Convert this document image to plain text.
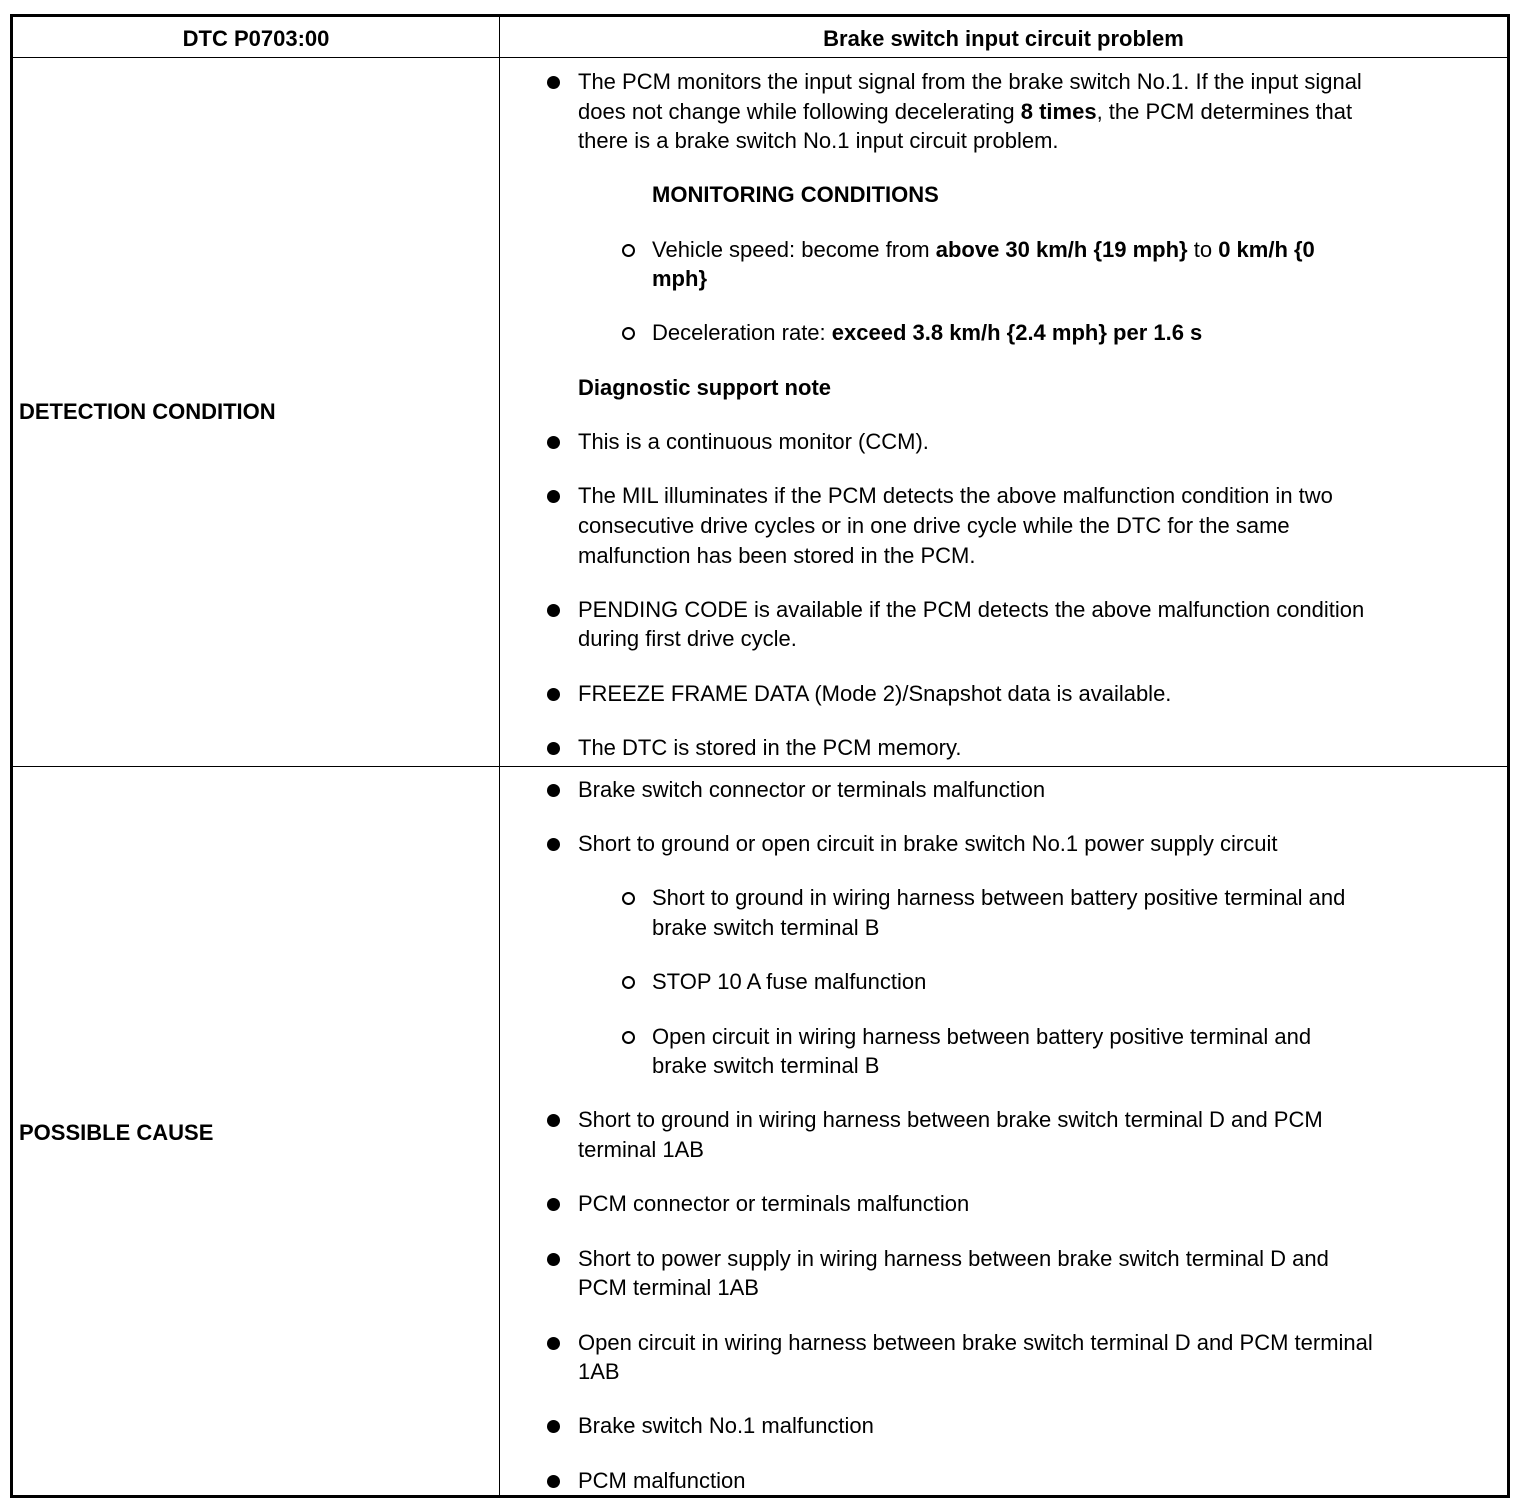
DTC P0703:00	Brake switch input circuit problem
DETECTION CONDITION
POSSIBLE CAUSE
The PCM monitors the input signal from the brake switch No.1. If the input signal
does not change while following decelerating 8 times, the PCM determines that
there is a brake switch No.1 input circuit problem.
MONITORING CONDITIONS
Vehicle speed: become from above 30 km/h {19 mph} to 0 km/h {0
mph}
Deceleration rate: exceed 3.8 km/h {2.4 mph} per 1.6 s
Diagnostic support note
This is a continuous monitor (CCM).
The MIL illuminates if the PCM detects the above malfunction condition in two
consecutive drive cycles or in one drive cycle while the DTC for the same
malfunction has been stored in the PCM.
PENDING CODE is available if the PCM detects the above malfunction condition
during first drive cycle.
FREEZE FRAME DATA (Mode 2)/Snapshot data is available.
The DTC is stored in the PCM memory.
Brake switch connector or terminals malfunction
Short to ground or open circuit in brake switch No.1 power supply circuit
Short to ground in wiring harness between battery positive terminal and
brake switch terminal B
STOP 10 A fuse malfunction
Open circuit in wiring harness between battery positive terminal and
brake switch terminal B
Short to ground in wiring harness between brake switch terminal D and PCM
terminal 1AB
PCM connector or terminals malfunction
Short to power supply in wiring harness between brake switch terminal D and
PCM terminal 1AB
Open circuit in wiring harness between brake switch terminal D and PCM terminal
1AB
Brake switch No.1 malfunction
PCM malfunction
